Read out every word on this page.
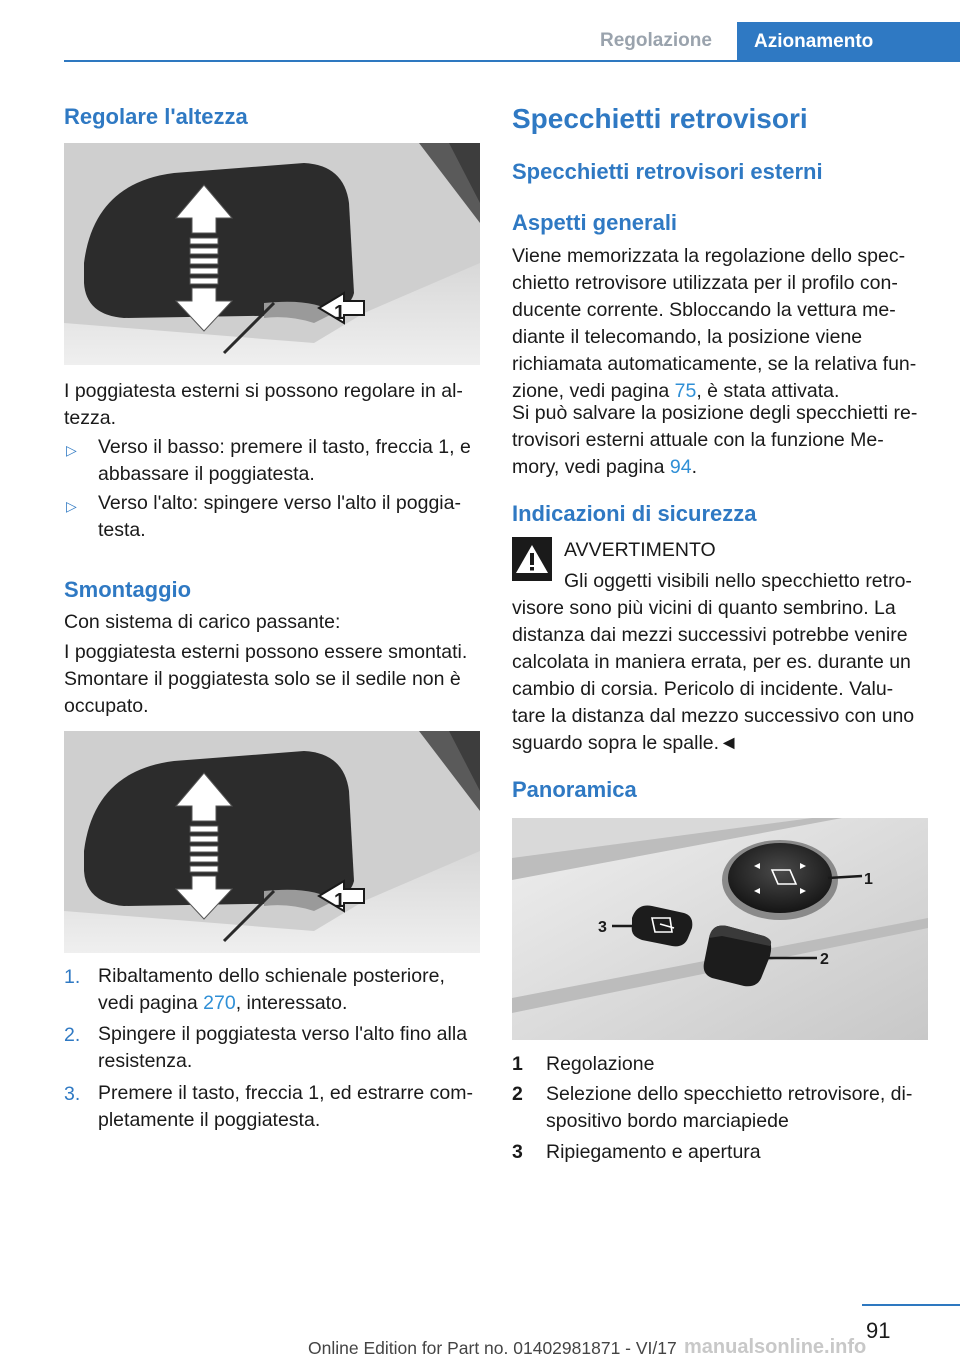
Regolazione	Azionamento
Regolare l'altezza
1
I poggiatesta esterni si possono regolare in al-
tezza.
▷ Verso il basso: premere il tasto, freccia 1, e
abbassare il poggiatesta.
▷ Verso l'alto: spingere verso l'alto il poggia-
testa.
Smontaggio
Con sistema di carico passante:
I poggiatesta esterni possono essere smontati.
Smontare il poggiatesta solo se il sedile non è
occupato.
1
1. Ribaltamento dello schienale posteriore,
vedi pagina 270, interessato.
2. Spingere il poggiatesta verso l'alto fino alla
resistenza.
3. Premere il tasto, freccia 1, ed estrarre com-
pletamente il poggiatesta.
Specchietti retrovisori
Specchietti retrovisori esterni
Aspetti generali
Viene memorizzata la regolazione dello spec-
chietto retrovisore utilizzata per il profilo con-
ducente corrente. Sbloccando la vettura me-
diante il telecomando, la posizione viene
richiamata automaticamente, se la relativa fun-
zione, vedi pagina 75, è stata attivata.
Si può salvare la posizione degli specchietti re-
trovisori esterni attuale con la funzione Me-
mory, vedi pagina 94.
Indicazioni di sicurezza
AVVERTIMENTO
Gli oggetti visibili nello specchietto retro-
visore sono più vicini di quanto sembrino. La
distanza dai mezzi successivi potrebbe venire
calcolata in maniera errata, per es. durante un
cambio di corsia. Pericolo di incidente. Valu-
tare la distanza dal mezzo successivo con uno
sguardo sopra le spalle.◄
Panoramica
1
2
3
1 Regolazione
2 Selezione dello specchietto retrovisore, di-
spositivo bordo marciapiede
3 Ripiegamento e apertura
91
Online Edition for Part no. 01402981871 - VI/17 manualsonline.info
